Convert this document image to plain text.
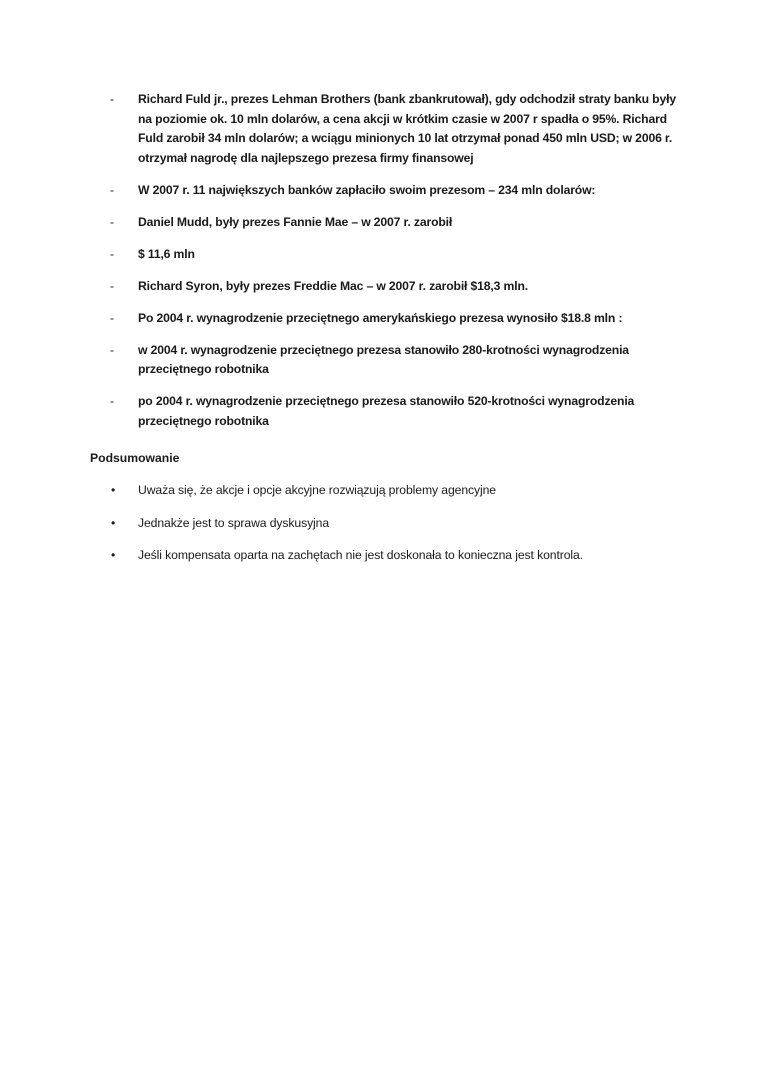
- Richard Fuld jr., prezes Lehman Brothers (bank zbankrutował), gdy odchodził straty banku były na poziomie ok. 10 mln dolarów, a cena akcji w krótkim czasie w 2007 r spadła o 95%. Richard Fuld zarobił 34 mln dolarów; a wciągu minionych 10 lat otrzymał ponad 450 mln USD; w 2006 r. otrzymał nagrodę dla najlepszego prezesa firmy finansowej
- W 2007 r. 11 największych banków zapłaciło swoim prezesom – 234 mln dolarów:
- Daniel Mudd, były prezes Fannie Mae – w 2007 r. zarobił
- $ 11,6 mln
- Richard Syron, były prezes Freddie Mac – w 2007 r. zarobił $18,3 mln.
- Po 2004 r. wynagrodzenie przeciętnego amerykańskiego prezesa wynosiło $18.8 mln :
- w 2004 r. wynagrodzenie przeciętnego prezesa stanowiło 280-krotności wynagrodzenia przeciętnego robotnika
- po 2004 r. wynagrodzenie przeciętnego prezesa stanowiło 520-krotności wynagrodzenia przeciętnego robotnika
Podsumowanie
• Uważa się, że akcje i opcje akcyjne rozwiązują problemy agencyjne
• Jednakże jest to sprawa dyskusyjna
• Jeśli kompensata oparta na zachętach nie jest doskonała to konieczna jest kontrola.
